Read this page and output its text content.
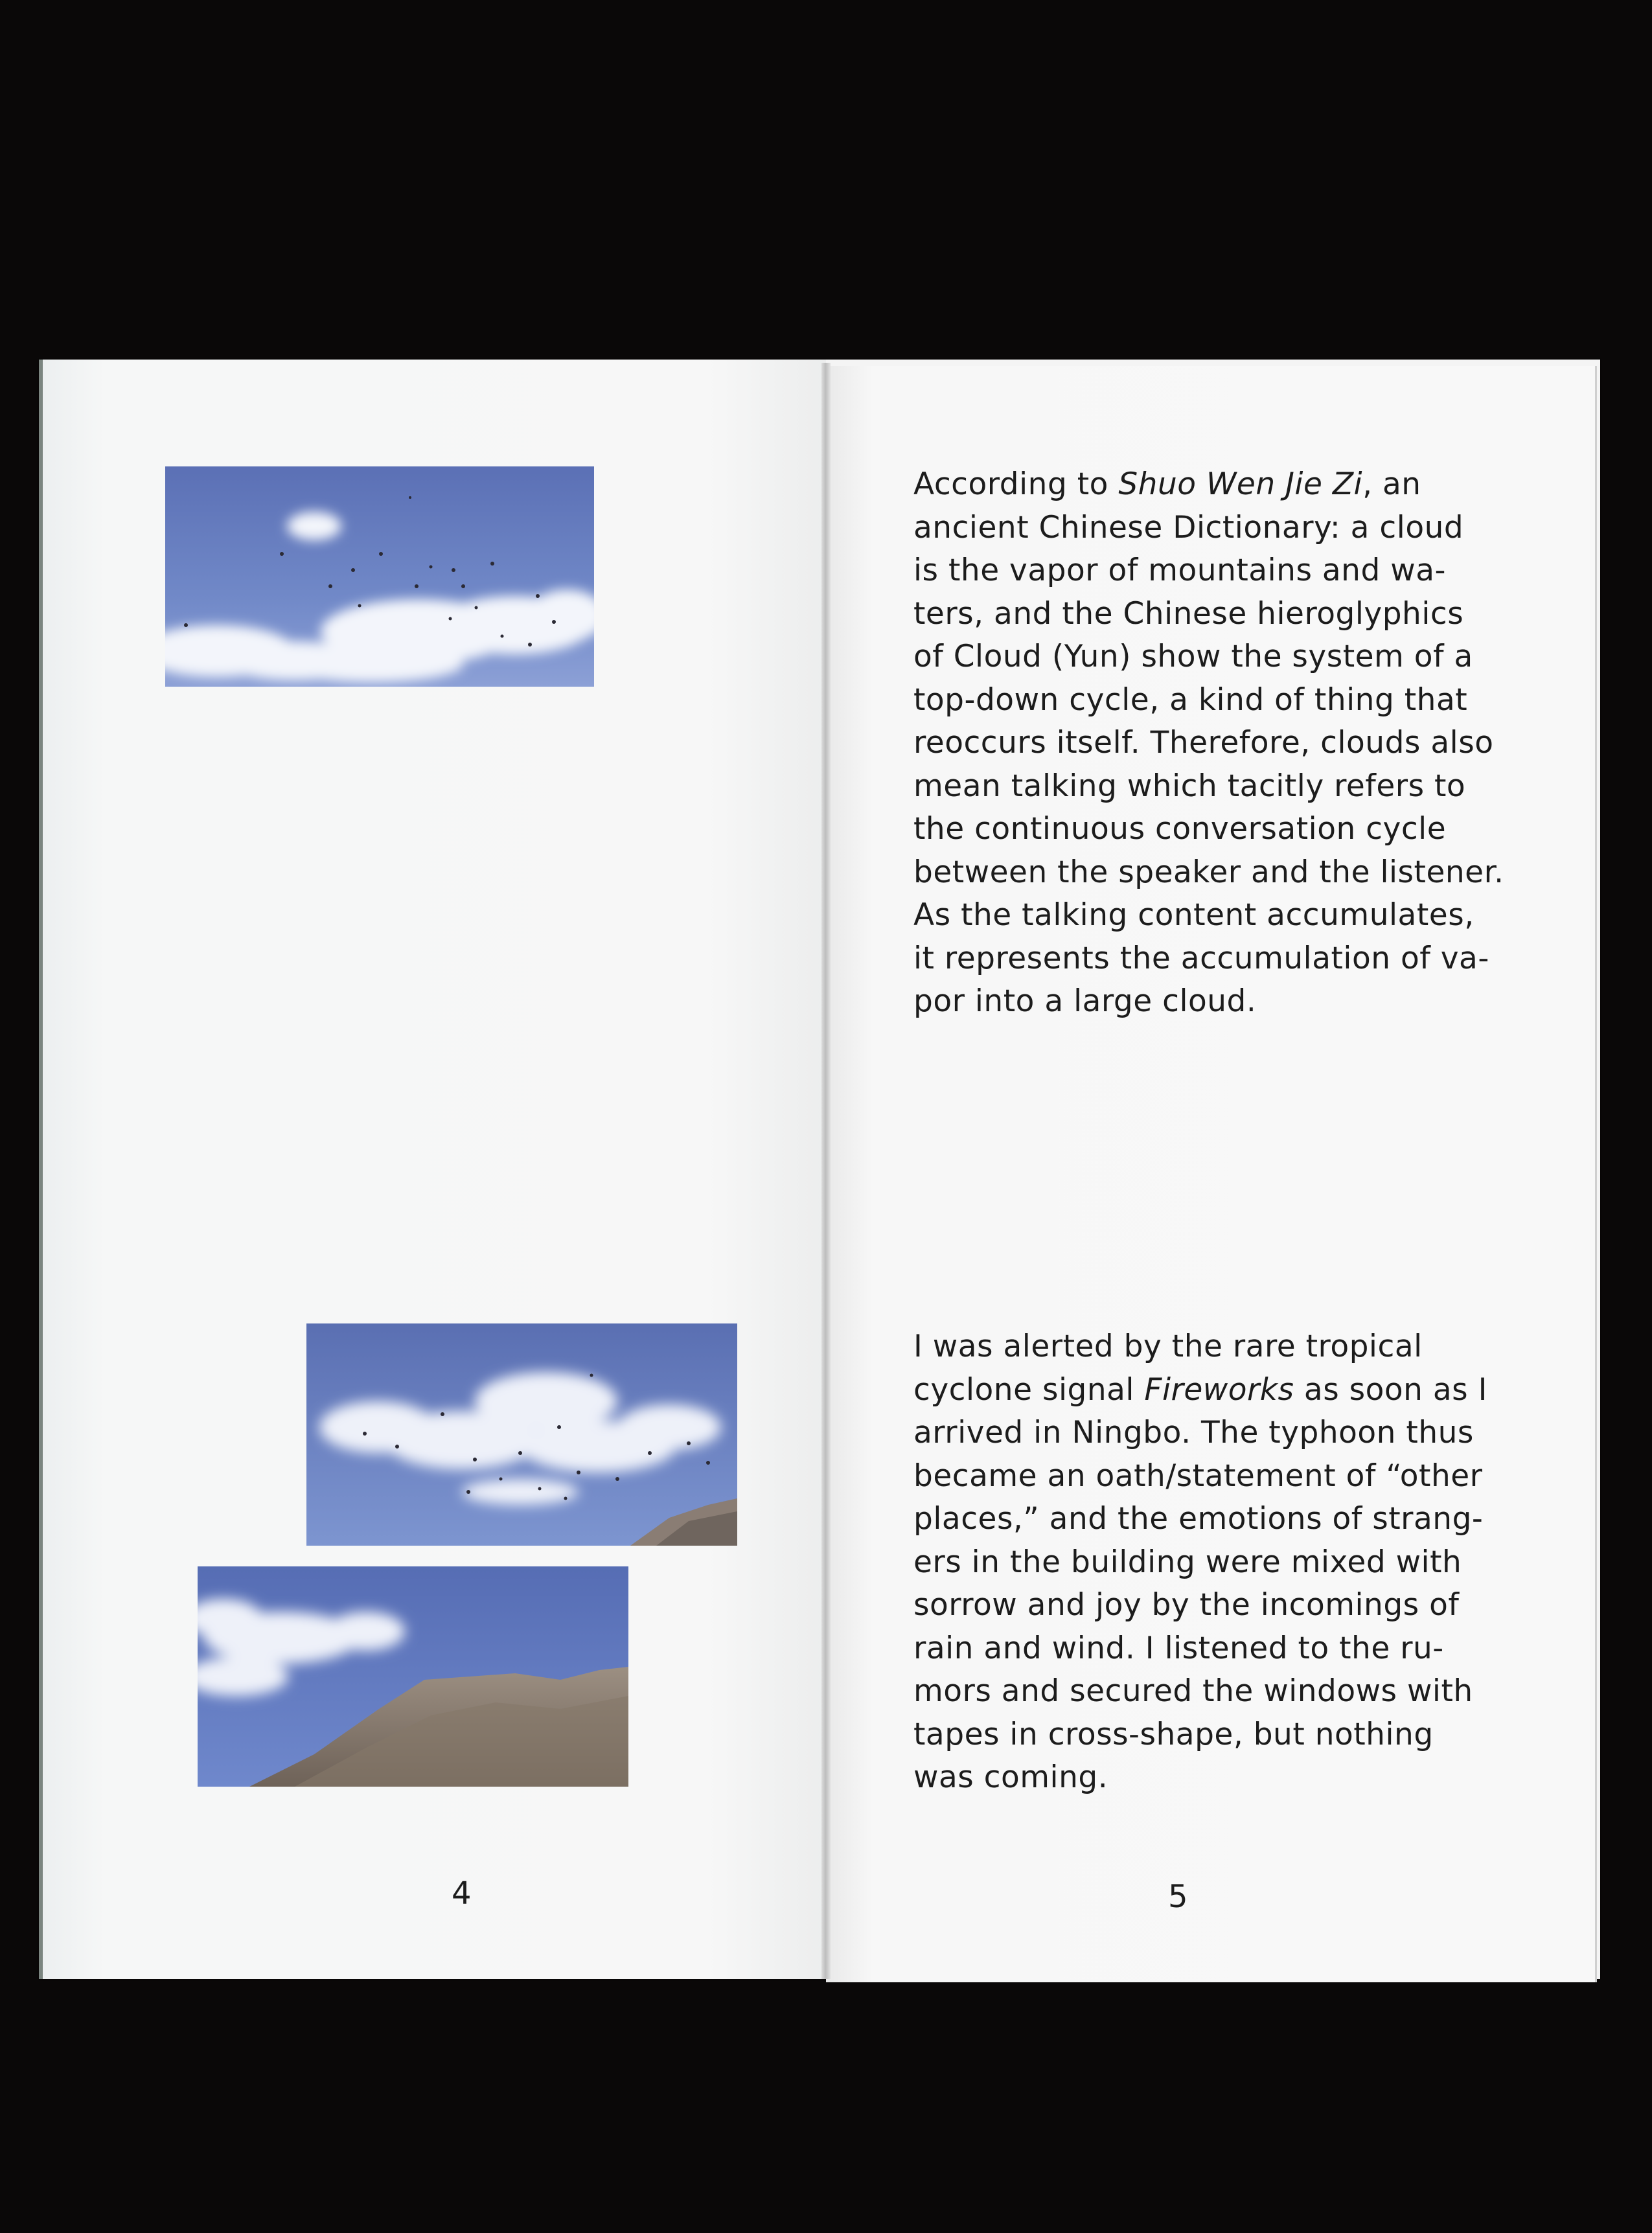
According to Shuo Wen Jie Zi, an
ancient Chinese Dictionary: a cloud
is the vapor of mountains and wa-
ters, and the Chinese hieroglyphics
of Cloud (Yun) show the system of a
top-down cycle, a kind of thing that
reoccurs itself. Therefore, clouds also
mean talking which tacitly refers to
the continuous conversation cycle
between the speaker and the listener.
As the talking content accumulates,
it represents the accumulation of va-
por into a large cloud.

I was alerted by the rare tropical
cyclone signal Fireworks as soon as I
arrived in Ningbo. The typhoon thus
became an oath/statement of “other
places,” and the emotions of strang-
ers in the building were mixed with
sorrow and joy by the incomings of
rain and wind. I listened to the ru-
mors and secured the windows with
tapes in cross-shape, but nothing
was coming.

4	5
